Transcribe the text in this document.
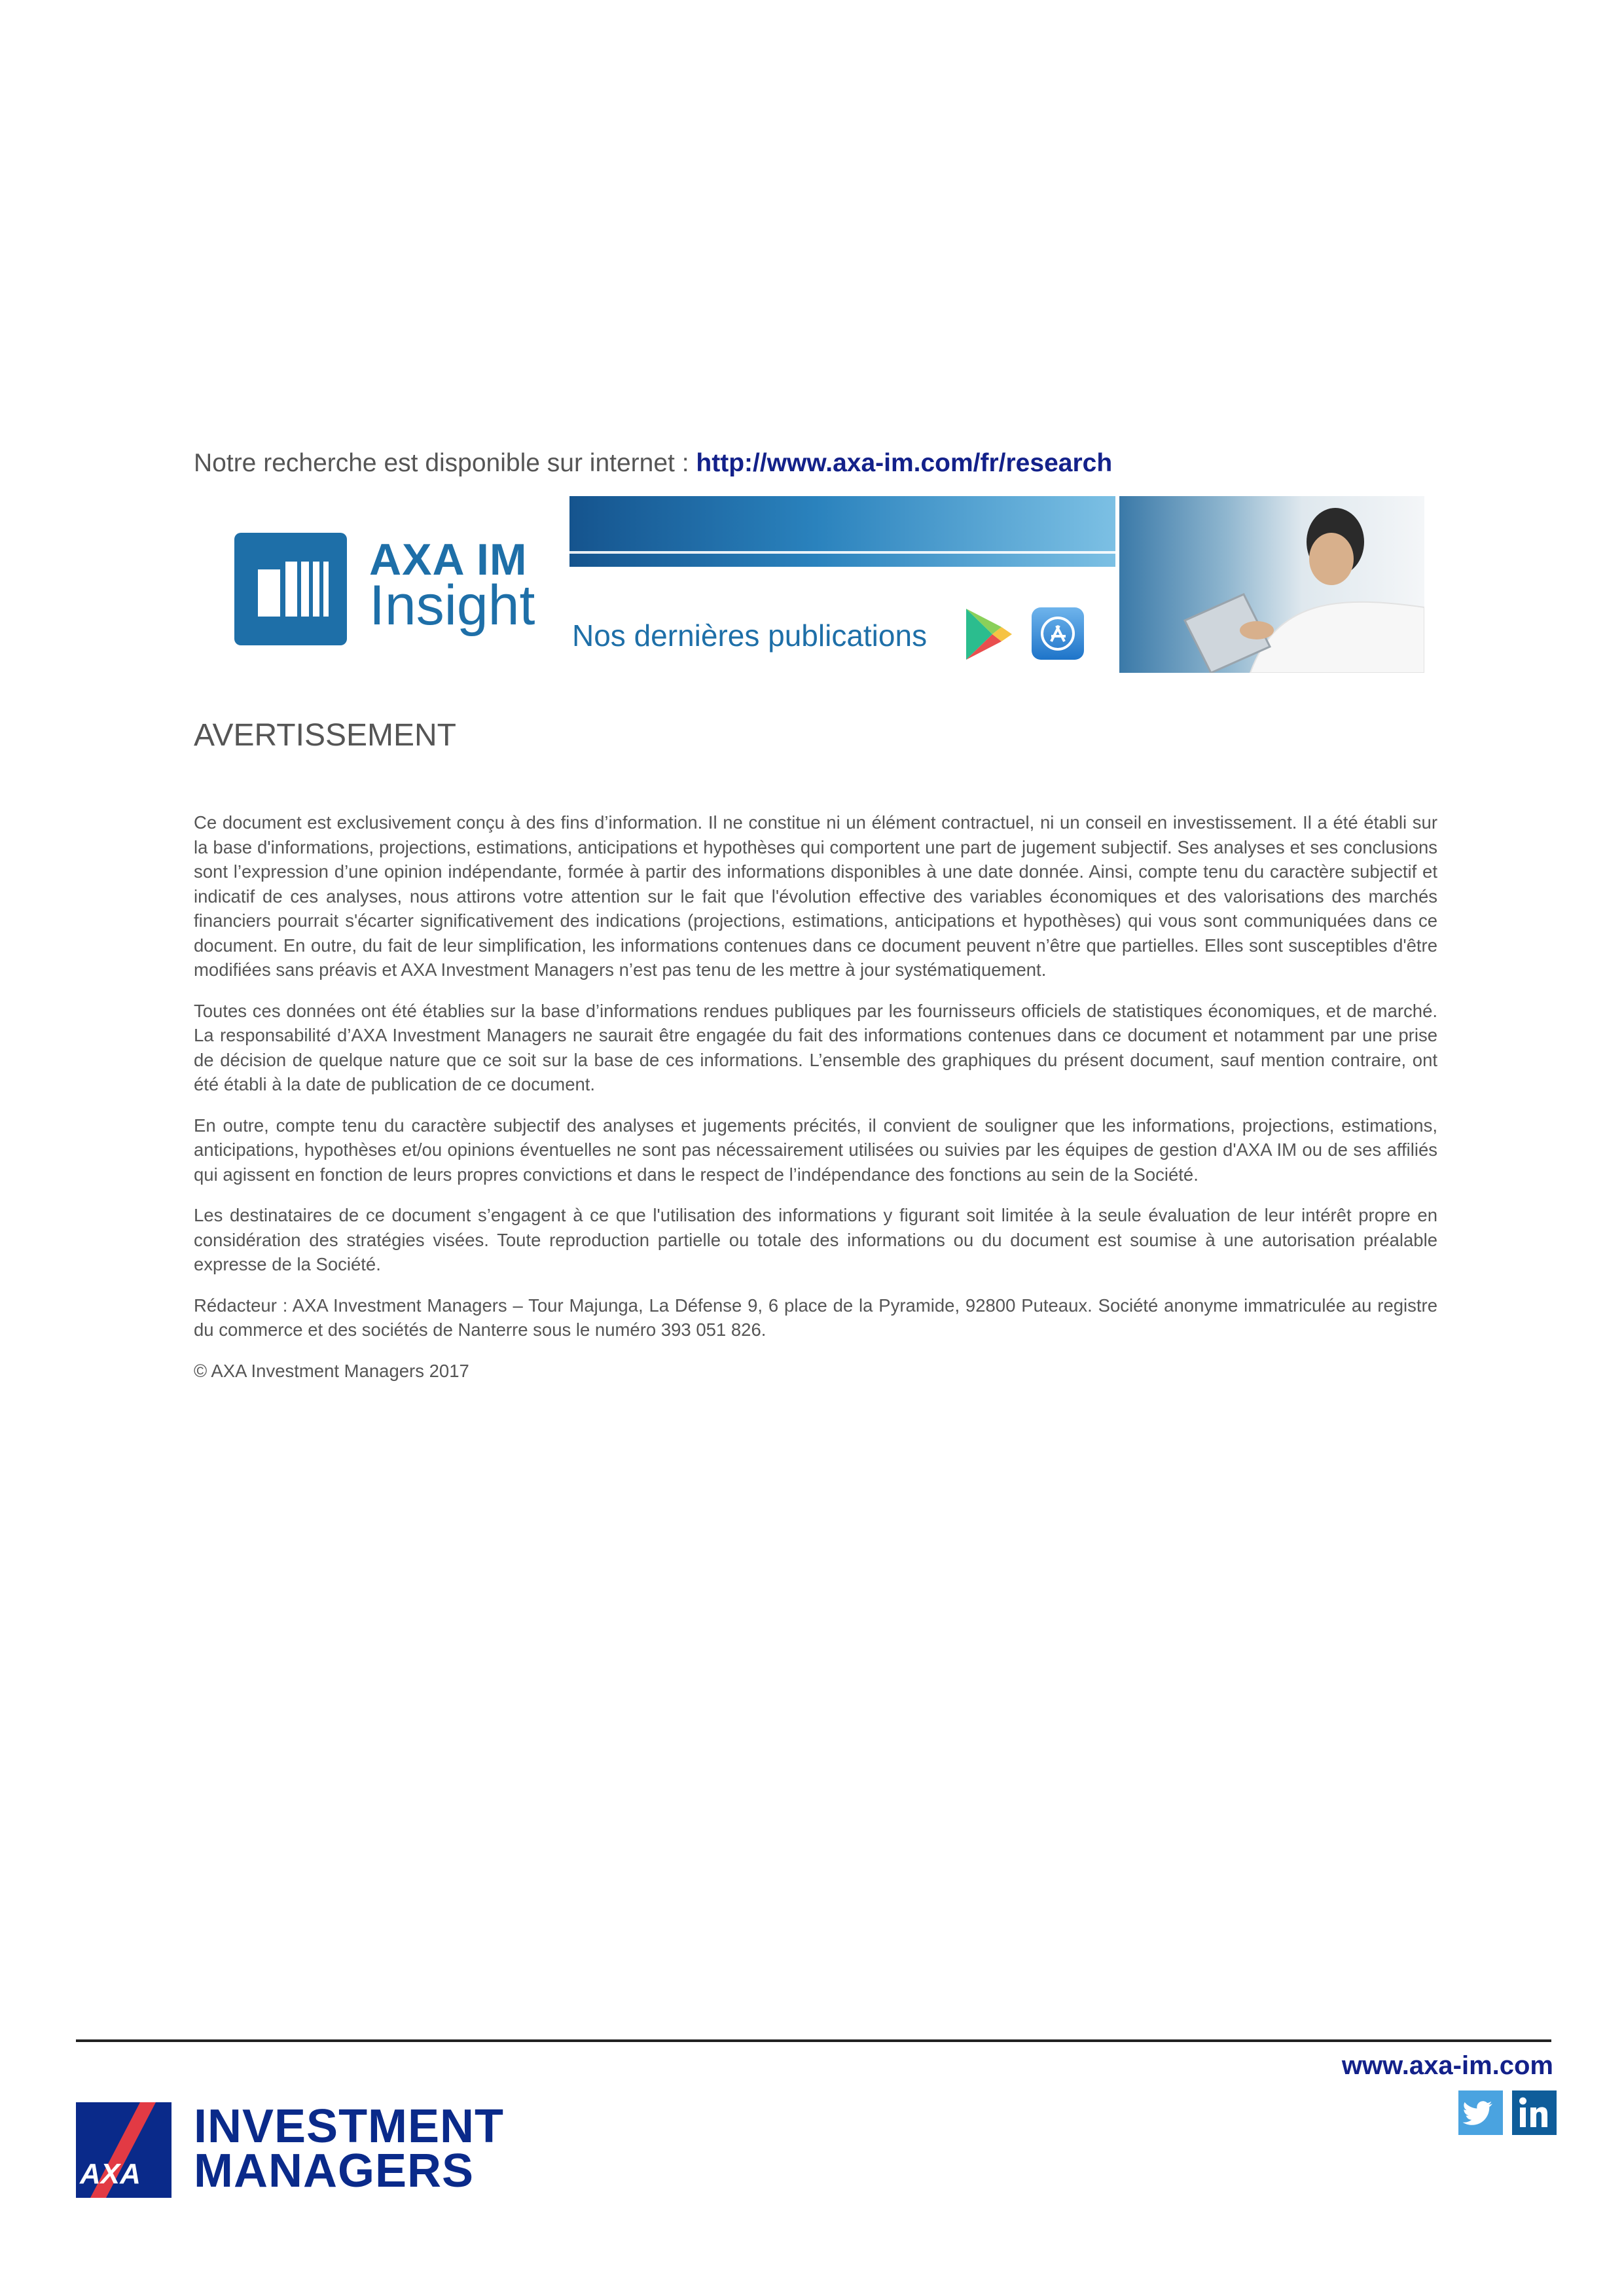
Notre recherche est disponible sur internet : http://www.axa-im.com/fr/research
AXA IM
Insight Nos dernières publications
AVERTISSEMENT

Ce document est exclusivement conçu à des fins d’information. Il ne constitue ni un élément contractuel, ni un conseil en investissement. Il a été établi sur la base d'informations, projections, estimations, anticipations et hypothèses qui comportent une part de jugement subjectif. Ses analyses et ses conclusions sont l’expression d’une opinion indépendante, formée à partir des informations disponibles à une date donnée. Ainsi, compte tenu du caractère subjectif et indicatif de ces analyses, nous attirons votre attention sur le fait que l'évolution effective des variables économiques et des valorisations des marchés financiers pourrait s'écarter significativement des indications (projections, estimations, anticipations et hypothèses) qui vous sont communiquées dans ce document. En outre, du fait de leur simplification, les informations contenues dans ce document peuvent n’être que partielles. Elles sont susceptibles d'être modifiées sans préavis et AXA Investment Managers n’est pas tenu de les mettre à jour systématiquement.

Toutes ces données ont été établies sur la base d’informations rendues publiques par les fournisseurs officiels de statistiques économiques, et de marché. La responsabilité d’AXA Investment Managers ne saurait être engagée du fait des informations contenues dans ce document et notamment par une prise de décision de quelque nature que ce soit sur la base de ces informations. L’ensemble des graphiques du présent document, sauf mention contraire, ont été établi à la date de publication de ce document.

En outre, compte tenu du caractère subjectif des analyses et jugements précités, il convient de souligner que les informations, projections, estimations, anticipations, hypothèses et/ou opinions éventuelles ne sont pas nécessairement utilisées ou suivies par les équipes de gestion d'AXA IM ou de ses affiliés qui agissent en fonction de leurs propres convictions et dans le respect de l’indépendance des fonctions au sein de la Société.

Les destinataires de ce document s’engagent à ce que l'utilisation des informations y figurant soit limitée à la seule évaluation de leur intérêt propre en considération des stratégies visées. Toute reproduction partielle ou totale des informations ou du document est soumise à une autorisation préalable expresse de la Société.

Rédacteur : AXA Investment Managers – Tour Majunga, La Défense 9, 6 place de la Pyramide, 92800 Puteaux. Société anonyme immatriculée au registre du commerce et des sociétés de Nanterre sous le numéro 393 051 826.

© AXA Investment Managers 2017

www.axa-im.com
AXA
INVESTMENT
MANAGERS
